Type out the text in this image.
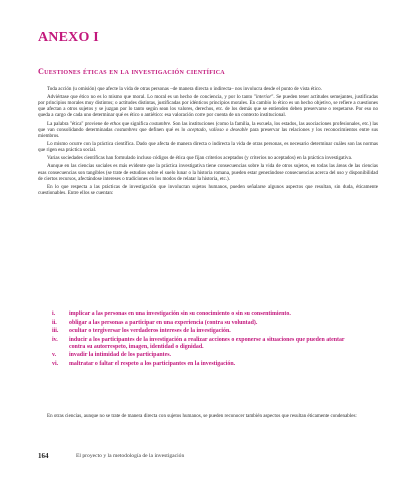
ANEXO I
Cuestiones éticas en la investigación científica

Toda acción (u omisión) que afecte la vida de otras personas –de manera directa o indirecta– nos involucra desde el punto de vista ético.

Adviértase que ético no es lo mismo que moral. Lo moral es un hecho de conciencia, y por lo tanto "interior". Se pueden tener actitudes semejantes, justificadas por principios morales muy distintos; o actitudes distintas, justificadas por idénticos principios morales. En cambio lo ético es un hecho objetivo, se refiere a cuestiones que afectan a otros sujetos y se juzgan por lo tanto según sean los valores, derechos, etc. de los demás que se entienden deben preservarse o respetarse. Por eso no queda a cargo de cada uno determinar qué es ético o antiético: esa valoración corre por cuenta de un contexto institucional.

La palabra "ética" proviene de ethos que significa costumbre. Son las instituciones (como la familia, la escuela, los estados, las asociaciones profesionales, etc.) las que van consolidando determinadas costumbres que definen qué es lo aceptado, valioso o deseable para preservar las relaciones y los reconocimientos entre sus miembros.

Lo mismo ocurre con la práctica científica. Dado que afecta de manera directa o indirecta la vida de otras personas, es necesario determinar cuáles son las normas que rigen esa práctica social.

Varias sociedades científicas han formulado incluso códigos de ética que fijan criterios aceptados (y criterios no aceptados) en la práctica investigativa.

Aunque en las ciencias sociales es más evidente que la práctica investigativa tiene consecuencias sobre la vida de otros sujetos, en todas las áreas de las ciencias esas consecuencias son tangibles (se trate de estudios sobre el suelo lunar o la historia romana, pueden estar generándose consecuencias acerca del uso y disponibilidad de ciertos recursos, afectándose intereses o tradiciones en los modos de relatar la historia, etc.).

En lo que respecta a las prácticas de investigación que involucran sujetos humanos, pueden señalarse algunos aspectos que resultan, sin duda, éticamente cuestionables. Entre ellos se cuentan:

i. implicar a las personas en una investigación sin su conocimiento o sin su consentimiento.
ii. obligar a las personas a participar en una experiencia (contra su voluntad).
iii. ocultar o tergiversar los verdaderos intereses de la investigación.
iv. inducir a los participantes de la investigación a realizar acciones o exponerse a situaciones que pueden atentar contra su autorrespeto, imagen, identidad o dignidad.
v. invadir la intimidad de los participantes.
vi. maltratar o faltar el respeto a los participantes en la investigación.

En otras ciencias, aunque no se trate de manera directa con sujetos humanos, se pueden reconocer también aspectos que resultan éticamente condenables:

164	El proyecto y la metodología de la investigación
